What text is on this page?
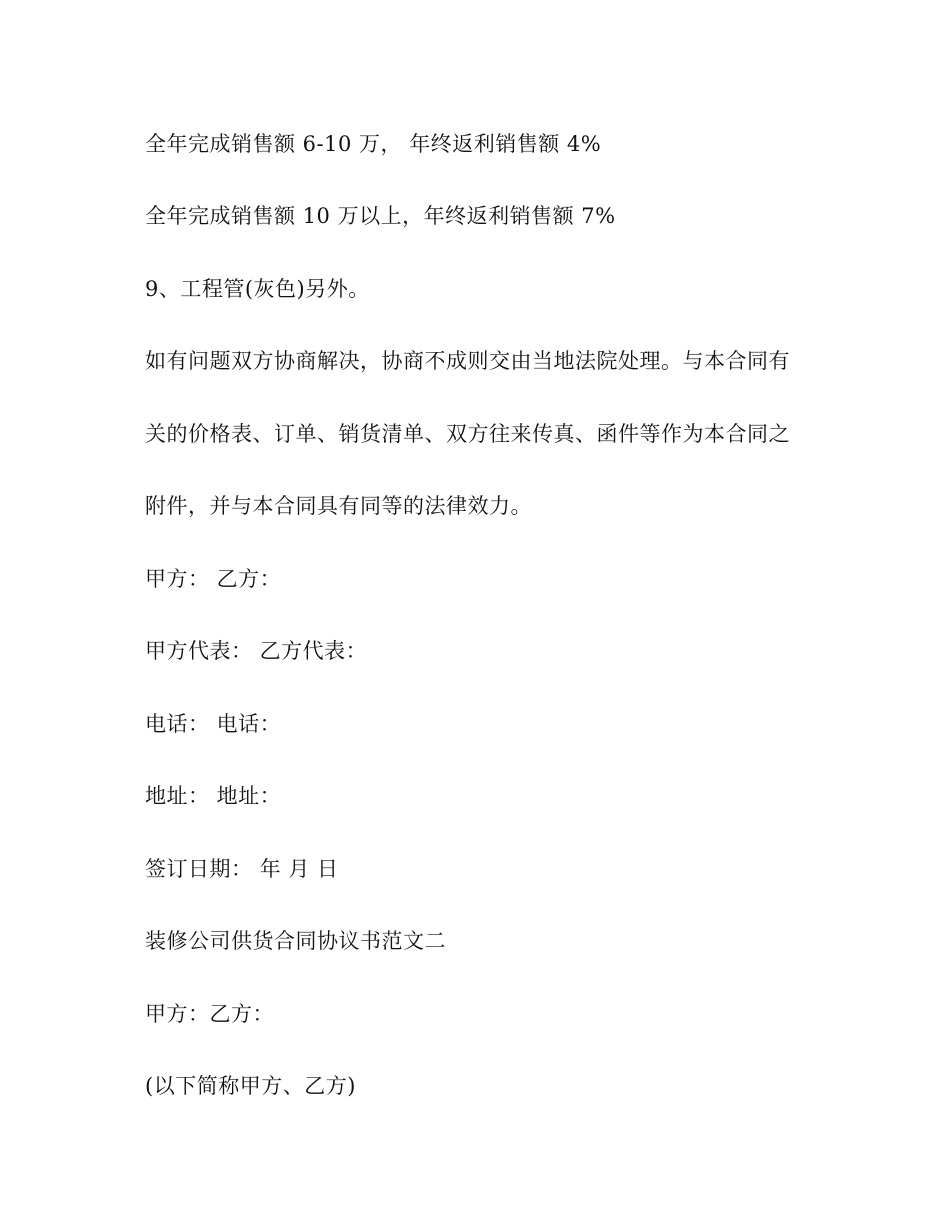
全年完成销售额 6-10 万， 年终返利销售额 4%
全年完成销售额 10 万以上，年终返利销售额 7%
9、工程管(灰色)另外。
如有问题双方协商解决，协商不成则交由当地法院处理。与本合同有
关的价格表、订单、销货清单、双方往来传真、函件等作为本合同之
附件，并与本合同具有同等的法律效力。
甲方： 乙方：
甲方代表： 乙方代表：
电话： 电话：
地址： 地址：
签订日期： 年 月 日
装修公司供货合同协议书范文二
甲方：乙方：
(以下简称甲方、乙方)
